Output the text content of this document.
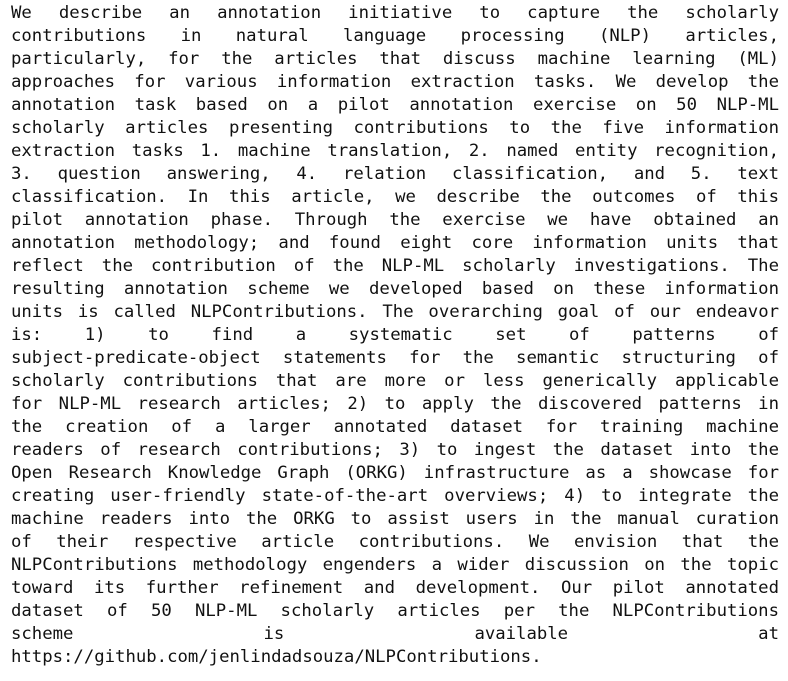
We describe an annotation initiative to capture the scholarly
contributions in natural language processing (NLP) articles,
particularly, for the articles that discuss machine learning (ML)
approaches for various information extraction tasks. We develop the
annotation task based on a pilot annotation exercise on 50 NLP-ML
scholarly articles presenting contributions to the five information
extraction tasks 1. machine translation, 2. named entity recognition,
3. question answering, 4. relation classification, and 5. text
classification. In this article, we describe the outcomes of this
pilot annotation phase. Through the exercise we have obtained an
annotation methodology; and found eight core information units that
reflect the contribution of the NLP-ML scholarly investigations. The
resulting annotation scheme we developed based on these information
units is called NLPContributions. The overarching goal of our endeavor
is: 1) to find a systematic set of patterns of
subject-predicate-object statements for the semantic structuring of
scholarly contributions that are more or less generically applicable
for NLP-ML research articles; 2) to apply the discovered patterns in
the creation of a larger annotated dataset for training machine
readers of research contributions; 3) to ingest the dataset into the
Open Research Knowledge Graph (ORKG) infrastructure as a showcase for
creating user-friendly state-of-the-art overviews; 4) to integrate the
machine readers into the ORKG to assist users in the manual curation
of their respective article contributions. We envision that the
NLPContributions methodology engenders a wider discussion on the topic
toward its further refinement and development. Our pilot annotated
dataset of 50 NLP-ML scholarly articles per the NLPContributions
scheme is available at
https://github.com/jenlindadsouza/NLPContributions.
